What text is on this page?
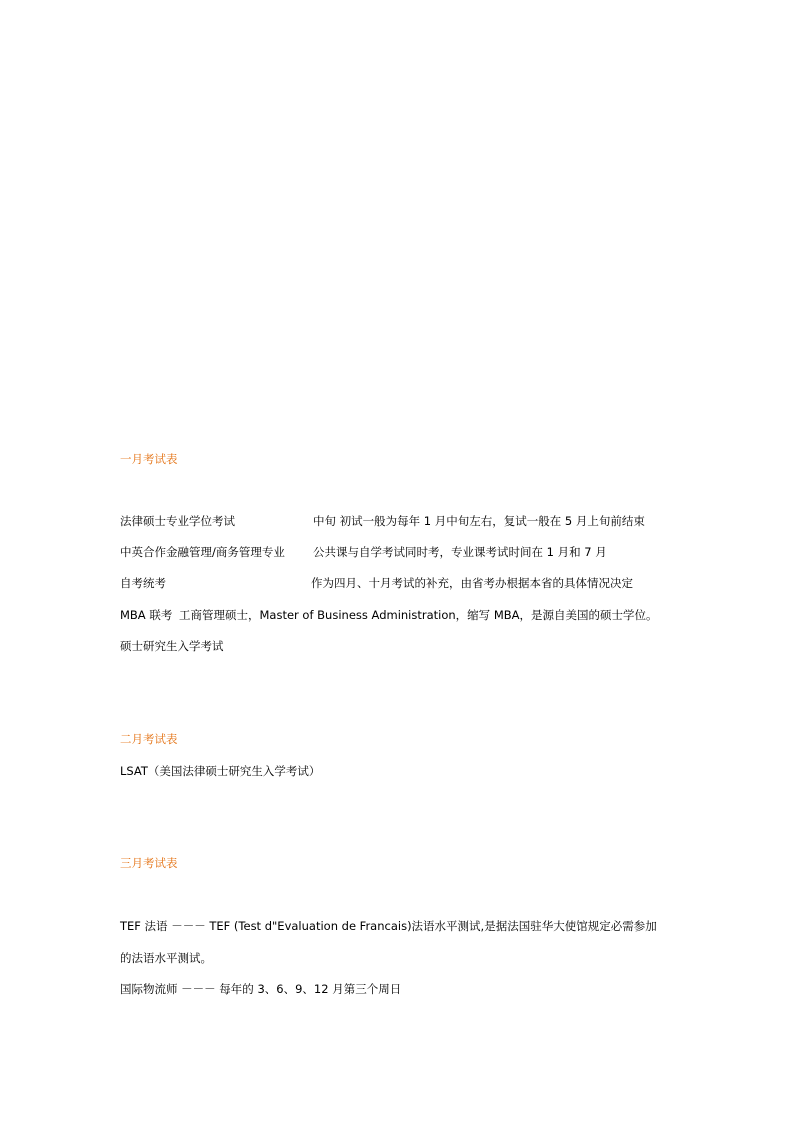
一月考试表
法律硕士专业学位考试	中旬 初试一般为每年 1 月中旬左右，复试一般在 5 月上旬前结束
中英合作金融管理/商务管理专业 公共课与自学考试同时考，专业课考试时间在 1 月和 7 月
自考统考	作为四月、十月考试的补充，由省考办根据本省的具体情况决定
MBA 联考 工商管理硕士，Master of Business Administration，缩写 MBA，是源自美国的硕士学位。
硕士研究生入学考试
二月考试表
LSAT（美国法律硕士研究生入学考试）
三月考试表
TEF 法语 －－－ TEF (Test d"Evaluation de Francais)法语水平测试,是据法国驻华大使馆规定必需参加
的法语水平测试。
国际物流师 －－－ 每年的 3、6、9、12 月第三个周日
